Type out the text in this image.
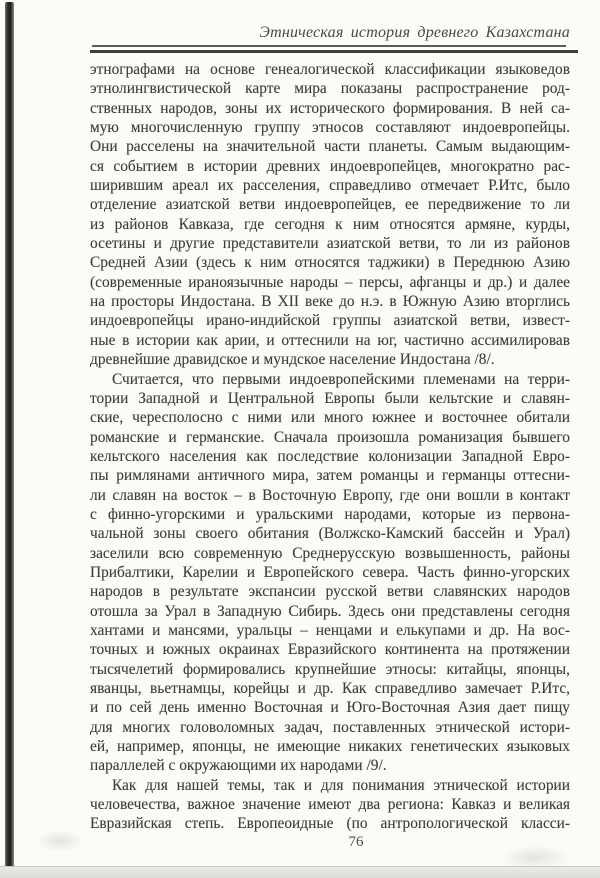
Этническая история древнего Казахстана
этнографами на основе генеалогической классификации языковедов
этнолингвистической карте мира показаны распространение род-
ственных народов, зоны их исторического формирования. В ней са-
мую многочисленную группу этносов составляют индоевропейцы.
Они расселены на значительной части планеты. Самым выдающим-
ся событием в истории древних индоевропейцев, многократно рас-
ширившим ареал их расселения, справедливо отмечает Р.Итс, было
отделение азиатской ветви индоевропейцев, ее передвижение то ли
из районов Кавказа, где сегодня к ним относятся армяне, курды,
осетины и другие представители азиатской ветви, то ли из районов
Средней Азии (здесь к ним относятся таджики) в Переднюю Азию
(современные ираноязычные народы – персы, афганцы и др.) и далее
на просторы Индостана. В XII веке до н.э. в Южную Азию вторглись
индоевропейцы ирано-индийской группы азиатской ветви, извест-
ные в истории как арии, и оттеснили на юг, частично ассимилировав
древнейшие дравидское и мундское население Индостана /8/.
Считается, что первыми индоевропейскими племенами на терри-
тории Западной и Центральной Европы были кельтские и славян-
ские, чересполосно с ними или много южнее и восточнее обитали
романские и германские. Сначала произошла романизация бывшего
кельтского населения как последствие колонизации Западной Евро-
пы римлянами античного мира, затем романцы и германцы оттесни-
ли славян на восток – в Восточную Европу, где они вошли в контакт
с финно-угорскими и уральскими народами, которые из первона-
чальной зоны своего обитания (Волжско-Камский бассейн и Урал)
заселили всю современную Среднерусскую возвышенность, районы
Прибалтики, Карелии и Европейского севера. Часть финно-угорских
народов в результате экспансии русской ветви славянских народов
отошла за Урал в Западную Сибирь. Здесь они представлены сегодня
хантами и мансями, уральцы – ненцами и елькупами и др. На вос-
точных и южных окраинах Евразийского континента на протяжении
тысячелетий формировались крупнейшие этносы: китайцы, японцы,
яванцы, вьетнамцы, корейцы и др. Как справедливо замечает Р.Итс,
и по сей день именно Восточная и Юго-Восточная Азия дает пищу
для многих головоломных задач, поставленных этнической истори-
ей, например, японцы, не имеющие никаких генетических языковых
параллелей с окружающими их народами /9/.
Как для нашей темы, так и для понимания этнической истории
человечества, важное значение имеют два региона: Кавказ и великая
Евразийская степь. Европеоидные (по антропологической класси-
76
